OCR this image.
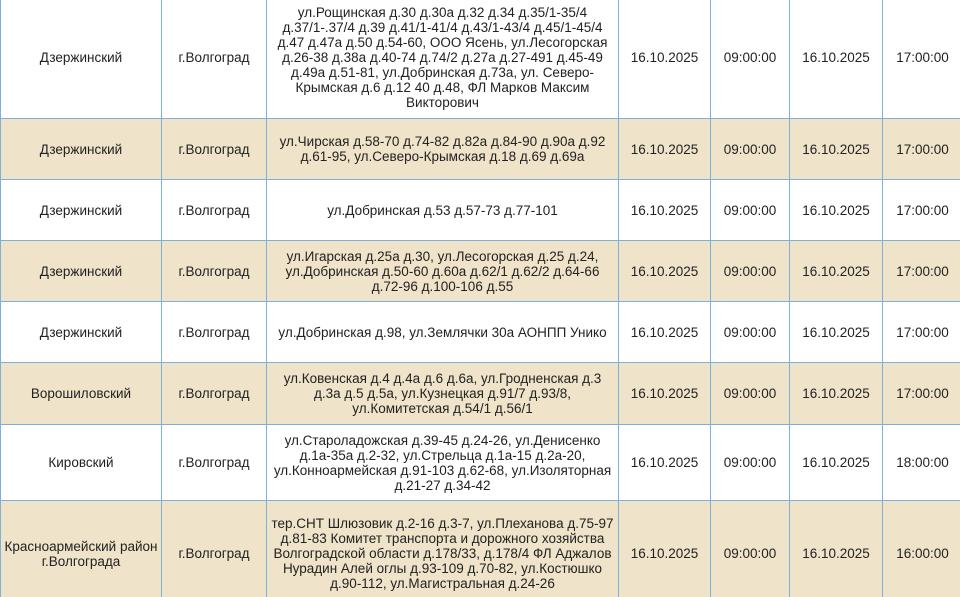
Дзержинский	г.Волгоград	ул.Рощинская д.30 д.30а д.32 д.34 д.35/1-35/4 д.37/1-.37/4 д.39 д.41/1-41/4 д.43/1-43/4 д.45/1-45/4 д.47 д.47а д.50 д.54-60, ООО Ясень, ул.Лесогорская д.26-38 д.38а д.40-74 д.74/2 д.27а д.27-491 д.45-49 д.49а д.51-81, ул.Добринская д.73а, ул. Северо-Крымская д.6 д.12 40 д.48, ФЛ Марков Максим Викторович	16.10.2025	09:00:00	16.10.2025	17:00:00
Дзержинский	г.Волгоград	ул.Чирская д.58-70 д.74-82 д.82а д.84-90 д.90а д.92 д.61-95, ул.Северо-Крымская д.18 д.69 д.69а	16.10.2025	09:00:00	16.10.2025	17:00:00
Дзержинский	г.Волгоград	ул.Добринская д.53 д.57-73 д.77-101	16.10.2025	09:00:00	16.10.2025	17:00:00
Дзержинский	г.Волгоград	ул.Игарская д.25а д.30, ул.Лесогорская д.25 д.24, ул.Добринская д.50-60 д.60а д.62/1 д.62/2 д.64-66 д.72-96 д.100-106 д.55	16.10.2025	09:00:00	16.10.2025	17:00:00
Дзержинский	г.Волгоград	ул.Добринская д.98, ул.Землячки 30а АОНПП Унико	16.10.2025	09:00:00	16.10.2025	17:00:00
Ворошиловский	г.Волгоград	ул.Ковенская д.4 д.4а д.6 д.6а, ул.Гродненская д.3 д.3а д.5 д.5а, ул.Кузнецкая д.91/7 д.93/8, ул.Комитетская д.54/1 д.56/1	16.10.2025	09:00:00	16.10.2025	17:00:00
Кировский	г.Волгоград	ул.Староладожская д.39-45 д.24-26, ул.Денисенко д.1а-35а д.2-32, ул.Стрельца д.1а-15 д.2а-20, ул.Конноармейская д.91-103 д.62-68, ул.Изоляторная д.21-27 д.34-42	16.10.2025	09:00:00	16.10.2025	18:00:00
Красноармейский район г.Волгограда	г.Волгоград	тер.СНТ Шлюзовик д.2-16 д.3-7, ул.Плеханова д.75-97 д.81-83 Комитет транспорта и дорожного хозяйства Волгоградской области д.178/33, д.178/4 ФЛ Аджалов Нурадин Алей оглы д.93-109 д.70-82, ул.Костюшко д.90-112, ул.Магистральная д.24-26	16.10.2025	09:00:00	16.10.2025	16:00:00
